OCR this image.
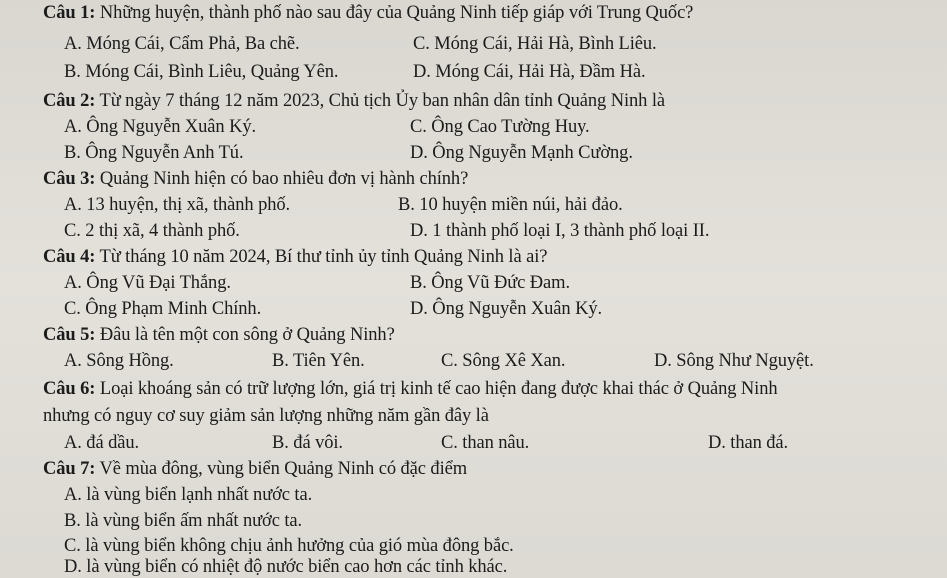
Câu 1: Những huyện, thành phố nào sau đây của Quảng Ninh tiếp giáp với Trung Quốc?
A. Móng Cái, Cẩm Phả, Ba chẽ.	C. Móng Cái, Hải Hà, Bình Liêu.
B. Móng Cái, Bình Liêu, Quảng Yên.	D. Móng Cái, Hải Hà, Đầm Hà.
Câu 2: Từ ngày 7 tháng 12 năm 2023, Chủ tịch Ủy ban nhân dân tỉnh Quảng Ninh là
A. Ông Nguyễn Xuân Ký.	C. Ông Cao Tường Huy.
B. Ông Nguyễn Anh Tú.	D. Ông Nguyễn Mạnh Cường.
Câu 3: Quảng Ninh hiện có bao nhiêu đơn vị hành chính?
A. 13 huyện, thị xã, thành phố.	B. 10 huyện miền núi, hải đảo.
C. 2 thị xã, 4 thành phố.	D. 1 thành phố loại I, 3 thành phố loại II.
Câu 4: Từ tháng 10 năm 2024, Bí thư tỉnh ủy tỉnh Quảng Ninh là ai?
A. Ông Vũ Đại Thắng.	B. Ông Vũ Đức Đam.
C. Ông Phạm Minh Chính.	D. Ông Nguyễn Xuân Ký.
Câu 5: Đâu là tên một con sông ở Quảng Ninh?
A. Sông Hồng.	B. Tiên Yên.	C. Sông Xê Xan.	D. Sông Như Nguyệt.
Câu 6: Loại khoáng sản có trữ lượng lớn, giá trị kinh tế cao hiện đang được khai thác ở Quảng Ninh
nhưng có nguy cơ suy giảm sản lượng những năm gần đây là
A. đá dầu.	B. đá vôi.	C. than nâu.	D. than đá.
Câu 7: Về mùa đông, vùng biển Quảng Ninh có đặc điểm
A. là vùng biển lạnh nhất nước ta.
B. là vùng biển ấm nhất nước ta.
C. là vùng biển không chịu ảnh hưởng của gió mùa đông bắc.
D. là vùng biển có nhiệt độ nước biển cao hơn các tỉnh khác.
